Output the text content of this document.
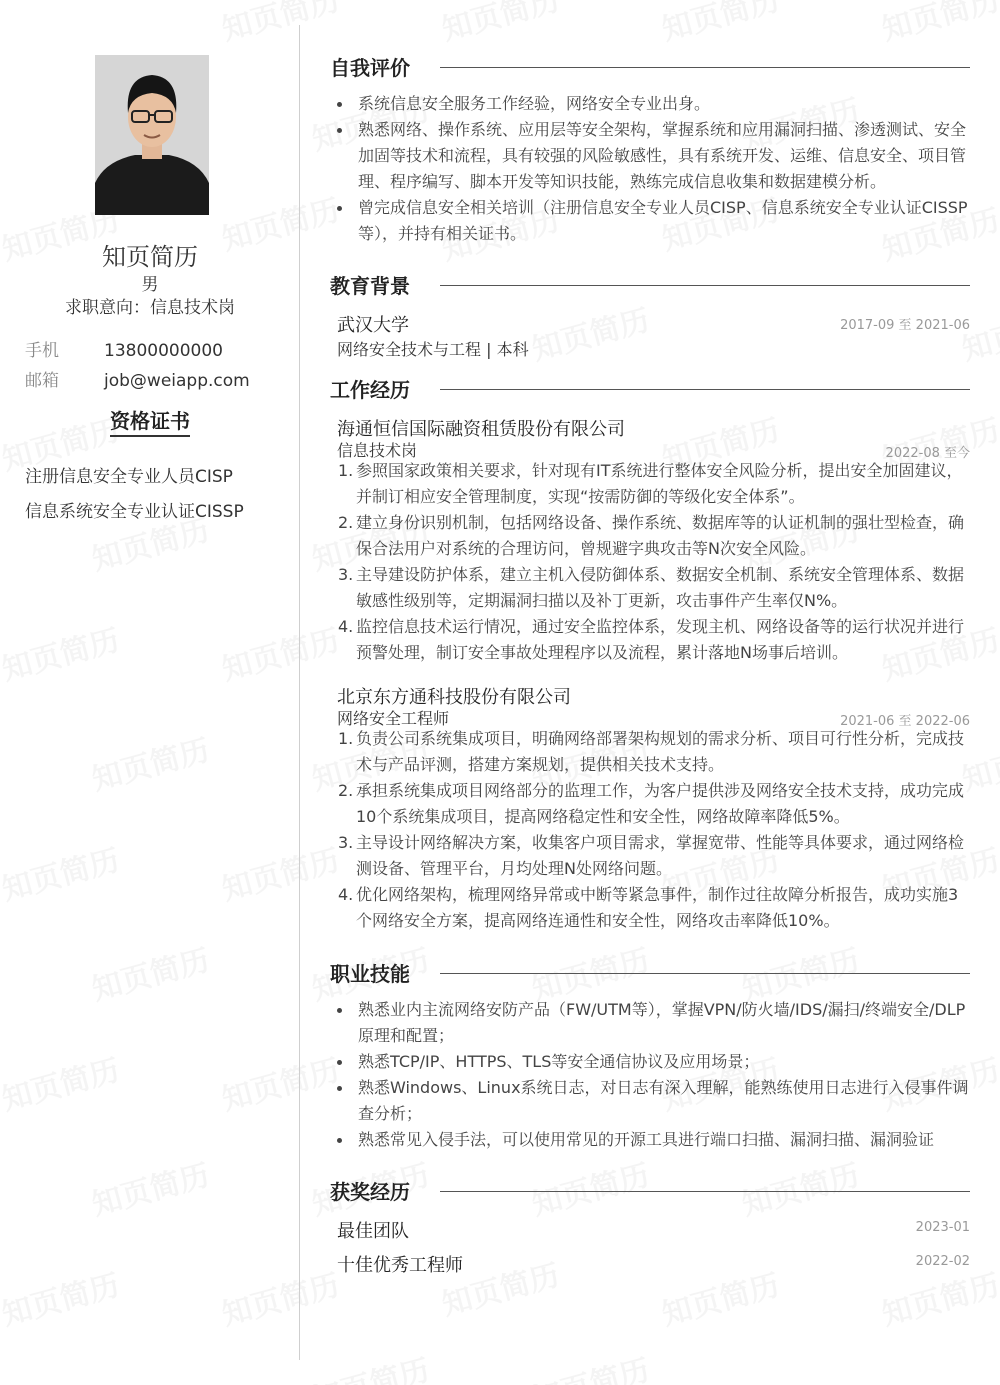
知页简历
男
求职意向：信息技术岗
手机	13800000000
邮箱	job@weiapp.com
资格证书
注册信息安全专业人员CISP
信息系统安全专业认证CISSP
自我评价
系统信息安全服务工作经验，网络安全专业出身。
熟悉网络、操作系统、应用层等安全架构，掌握系统和应用漏洞扫描、渗透测试、安全加固等技术和流程，具有较强的风险敏感性，具有系统开发、运维、信息安全、项目管理、程序编写、脚本开发等知识技能，熟练完成信息收集和数据建模分析。
曾完成信息安全相关培训（注册信息安全专业人员CISP、信息系统安全专业认证CISSP等），并持有相关证书。
教育背景
武汉大学	2017-09 至 2021-06
网络安全技术与工程 | 本科
工作经历
海通恒信国际融资租赁股份有限公司
信息技术岗	2022-08 至今
1. 参照国家政策相关要求，针对现有IT系统进行整体安全风险分析，提出安全加固建议，并制订相应安全管理制度，实现“按需防御的等级化安全体系”。
2. 建立身份识别机制，包括网络设备、操作系统、数据库等的认证机制的强壮型检查，确保合法用户对系统的合理访问，曾规避字典攻击等N次安全风险。
3. 主导建设防护体系，建立主机入侵防御体系、数据安全机制、系统安全管理体系、数据敏感性级别等，定期漏洞扫描以及补丁更新，攻击事件产生率仅N%。
4. 监控信息技术运行情况，通过安全监控体系，发现主机、网络设备等的运行状况并进行预警处理，制订安全事故处理程序以及流程，累计落地N场事后培训。
北京东方通科技股份有限公司
网络安全工程师	2021-06 至 2022-06
1. 负责公司系统集成项目，明确网络部署架构规划的需求分析、项目可行性分析，完成技术与产品评测，搭建方案规划，提供相关技术支持。
2. 承担系统集成项目网络部分的监理工作，为客户提供涉及网络安全技术支持，成功完成10个系统集成项目，提高网络稳定性和安全性，网络故障率降低5%。
3. 主导设计网络解决方案，收集客户项目需求，掌握宽带、性能等具体要求，通过网络检测设备、管理平台，月均处理N处网络问题。
4. 优化网络架构，梳理网络异常或中断等紧急事件，制作过往故障分析报告，成功实施3个网络安全方案，提高网络连通性和安全性，网络攻击率降低10%。
职业技能
熟悉业内主流网络安防产品（FW/UTM等），掌握VPN/防火墙/IDS/漏扫/终端安全/DLP原理和配置；
熟悉TCP/IP、HTTPS、TLS等安全通信协议及应用场景；
熟悉Windows、Linux系统日志，对日志有深入理解，能熟练使用日志进行入侵事件调查分析；
熟悉常见入侵手法，可以使用常见的开源工具进行端口扫描、漏洞扫描、漏洞验证
获奖经历
最佳团队	2023-01
十佳优秀工程师	2022-02
